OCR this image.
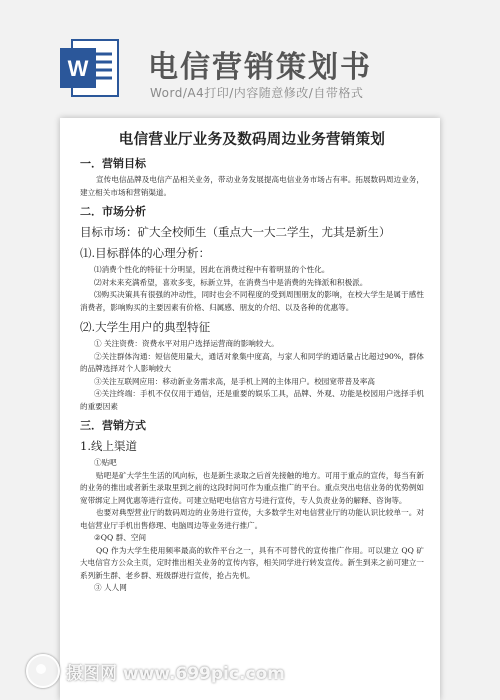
W 电信营销策划书
Word/A4打印/内容随意修改/自带格式
电信营业厅业务及数码周边业务营销策划
一．营销目标

宣传电信品牌及电信产品相关业务，带动业务发展提高电信业务市场占有率。拓展数码周边业务，建立相关市场和营销渠道。

二．市场分析
目标市场：矿大全校师生（重点大一大二学生，尤其是新生）
⑴.目标群体的心理分析：

⑴消费个性化的特征十分明显，因此在消费过程中有着明显的个性化。

⑵对未来充满希望，喜欢多变，标新立异，在消费当中是消费的先锋派和积极派。

⑶购买决策具有很强的冲动性，同时也会不同程度的受到周围朋友的影响，在校大学生是属于感性消费者，影响购买的主要因素有价格、归属感、朋友的介绍、以及各种的优惠等。

⑵.大学生用户的典型特征

① 关注资费：资费水平对用户选择运营商的影响较大。

②关注群体沟通：短信使用量大，通话对象集中度高，与家人和同学的通话量占比超过90%，群体的品牌选择对个人影响较大

③关注互联网应用：移动新业务需求高，是手机上网的主体用户。校园宽带普及率高

④关注终端：手机不仅仅用于通信，还是重要的娱乐工具，品牌、外观、功能是校园用户选择手机的重要因素

三．营销方式
1.线上渠道

①贴吧

贴吧是矿大学生生活的风向标，也是新生录取之后首先接触的地方。可用于重点的宣传，每当有新的业务的推出或者新生录取里到之前的这段时间可作为重点推广的平台。重点突出电信业务的优势例如宽带绑定上网优惠等进行宣传。可建立贴吧电信官方号进行宣传，专人负责业务的解释、咨询等。

也要对典型营业厅的数码周边的业务进行宣传，大多数学生对电信营业厅的功能认识比较单一。对电信营业厅手机出售修理、电脑周边等业务进行推广。

②QQ 群、空间

QQ 作为大学生使用频率最高的软件平台之一，具有不可替代的宣传推广作用。可以建立 QQ 矿大电信官方公众主页，定时推出相关业务的宣传内容，相关同学进行转发宣传。新生到来之前可建立一系列新生群、老乡群、班级群进行宣传，抢占先机。

③ 人人网

摄图网 www.699pic.com
